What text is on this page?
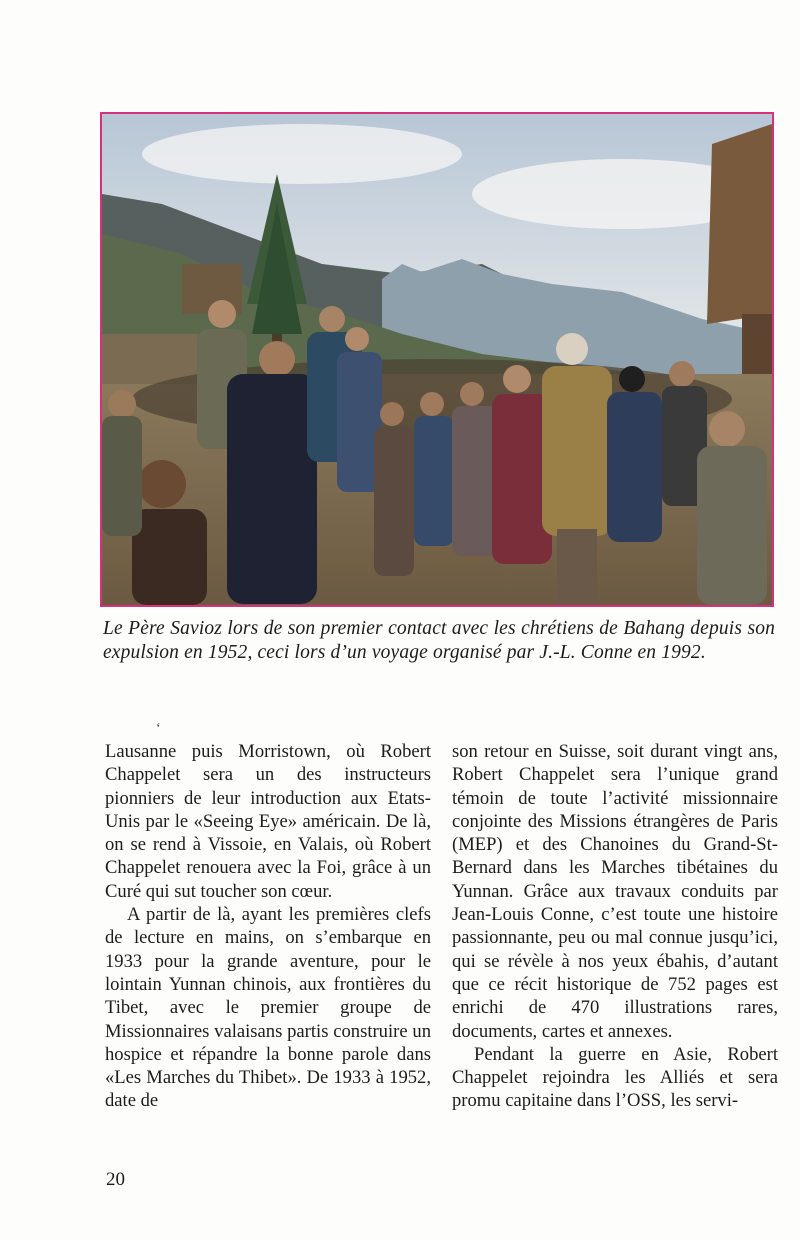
Le Père Savioz lors de son premier contact avec les chrétiens de Bahang depuis son expulsion en 1952, ceci lors d’un voyage organisé par J.-L. Conne en 1992.

‘

Lausanne puis Morristown, où Robert Chappelet sera un des instructeurs pionniers de leur introduction aux Etats-Unis par le «Seeing Eye» américain. De là, on se rend à Vissoie, en Valais, où Robert Chappelet renouera avec la Foi, grâce à un Curé qui sut toucher son cœur.

A partir de là, ayant les premières clefs de lecture en mains, on s’embarque en 1933 pour la grande aventure, pour le lointain Yunnan chinois, aux frontières du Tibet, avec le premier groupe de Missionnaires valaisans partis construire un hospice et répandre la bonne parole dans «Les Marches du Thibet». De 1933 à 1952, date de

son retour en Suisse, soit durant vingt ans, Robert Chappelet sera l’unique grand témoin de toute l’activité missionnaire conjointe des Missions étrangères de Paris (MEP) et des Chanoines du Grand-St-Bernard dans les Marches tibétaines du Yunnan. Grâce aux travaux conduits par Jean-Louis Conne, c’est toute une histoire passionnante, peu ou mal connue jusqu’ici, qui se révèle à nos yeux ébahis, d’autant que ce récit historique de 752 pages est enrichi de 470 illustrations rares, documents, cartes et annexes.

Pendant la guerre en Asie, Robert Chappelet rejoindra les Alliés et sera promu capitaine dans l’OSS, les servi-

20
